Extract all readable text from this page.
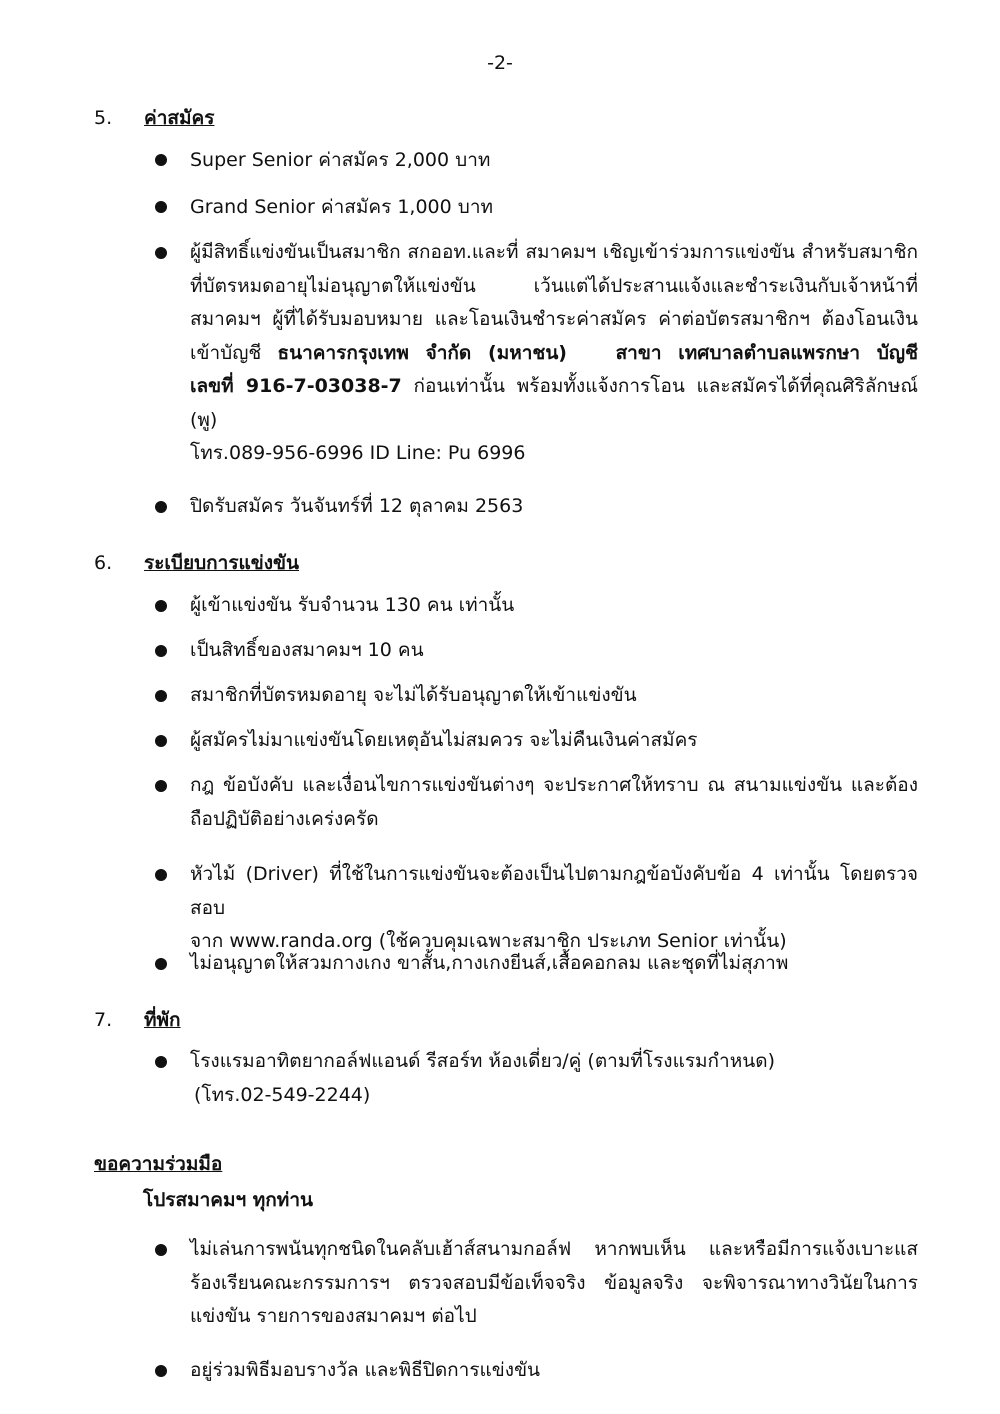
-2-
5. ค่าสมัคร
Super Senior ค่าสมัคร 2,000 บาท
Grand Senior ค่าสมัคร 1,000 บาท
ผู้มีสิทธิ์แข่งขันเป็นสมาชิก สกออท.และที่ สมาคมฯ เชิญเข้าร่วมการแข่งขัน สำหรับสมาชิก
ที่บัตรหมดอายุไม่อนุญาตให้แข่งขัน เว้นแต่ได้ประสานแจ้งและชำระเงินกับเจ้าหน้าที่
สมาคมฯ ผู้ที่ได้รับมอบหมาย และโอนเงินชำระค่าสมัคร ค่าต่อบัตรสมาชิกฯ ต้องโอนเงิน
เข้าบัญชี ธนาคารกรุงเทพ จำกัด (มหาชน)	สาขา เทศบาลตำบลแพรกษา บัญชี
เลขที่ 916-7-03038-7 ก่อนเท่านั้น พร้อมทั้งแจ้งการโอน และสมัครได้ที่คุณศิริลักษณ์ (พู)
โทร.089-956-6996 ID Line: Pu 6996
ปิดรับสมัคร วันจันทร์ที่ 12 ตุลาคม 2563
6. ระเบียบการแข่งขัน
ผู้เข้าแข่งขัน รับจำนวน 130 คน เท่านั้น
เป็นสิทธิ์ของสมาคมฯ 10 คน
สมาชิกที่บัตรหมดอายุ จะไม่ได้รับอนุญาตให้เข้าแข่งขัน
ผู้สมัครไม่มาแข่งขันโดยเหตุอันไม่สมควร จะไม่คืนเงินค่าสมัคร
กฎ ข้อบังคับ และเงื่อนไขการแข่งขันต่างๆ จะประกาศให้ทราบ ณ สนามแข่งขัน และต้อง
ถือปฏิบัติอย่างเคร่งครัด
หัวไม้ (Driver) ที่ใช้ในการแข่งขันจะต้องเป็นไปตามกฎข้อบังคับข้อ 4 เท่านั้น โดยตรวจสอบ
จาก www.randa.org (ใช้ควบคุมเฉพาะสมาชิก ประเภท Senior เท่านั้น)
ไม่อนุญาตให้สวมกางเกง ขาสั้น,กางเกงยีนส์,เสื้อคอกลม และชุดที่ไม่สุภาพ
7. ที่พัก
โรงแรมอาทิตยากอล์ฟแอนด์ รีสอร์ท ห้องเดี่ยว/คู่ (ตามที่โรงแรมกำหนด)
(โทร.02-549-2244)
ขอความร่วมมือ
โปรสมาคมฯ ทุกท่าน
ไม่เล่นการพนันทุกชนิดในคลับเฮ้าส์สนามกอล์ฟ หากพบเห็น และหรือมีการแจ้งเบาะแส
ร้องเรียนคณะกรรมการฯ ตรวจสอบมีข้อเท็จจริง ข้อมูลจริง จะพิจารณาทางวินัยในการ
แข่งขัน รายการของสมาคมฯ ต่อไป
อยู่ร่วมพิธีมอบรางวัล และพิธีปิดการแข่งขัน
